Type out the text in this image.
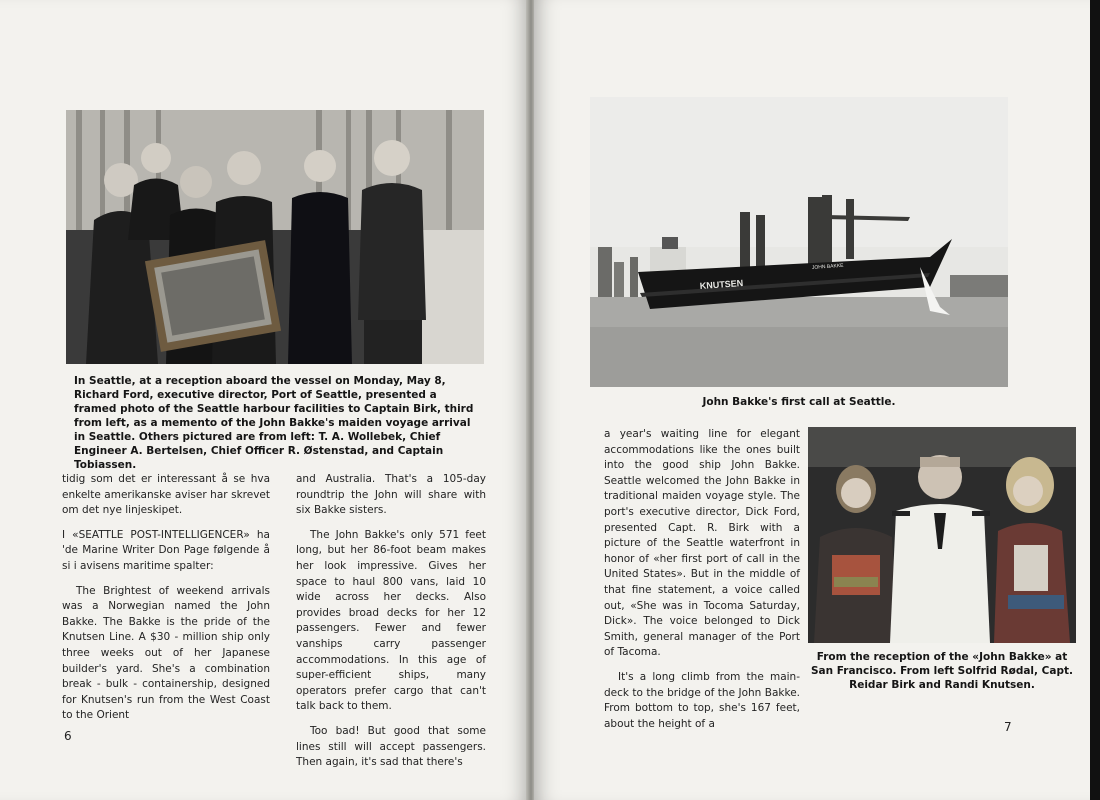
In Seattle, at a reception aboard the vessel on Monday, May 8, Richard Ford, executive director, Port of Seattle, presented a framed photo of the Seattle harbour facilities to Captain Birk, third from left, as a memento of the John Bakke's maiden voyage arrival in Seattle. Others pictured are from left: T. A. Wollebek, Chief Engineer A. Bertelsen, Chief Officer R. Østenstad, and Captain Tobiassen.

tidig som det er interessant å se hva enkelte amerikanske aviser har skrevet om det nye linjeskipet.

I «SEATTLE POST-INTELLIGENCER» ha 'de Marine Writer Don Page følgende å si i avisens maritime spalter:

The Brightest of weekend arrivals was a Norwegian named the John Bakke. The Bakke is the pride of the Knutsen Line. A $30 - million ship only three weeks out of her Japanese builder's yard. She's a combination break - bulk - containership, designed for Knutsen's run from the West Coast to the Orient

and Australia. That's a 105-day roundtrip the John will share with six Bakke sisters.

The John Bakke's only 571 feet long, but her 86-foot beam makes her look impressive. Gives her space to haul 800 vans, laid 10 wide across her decks. Also provides broad decks for her 12 passengers. Fewer and fewer vanships carry passenger accommodations. In this age of super-efficient ships, many operators prefer cargo that can't talk back to them.

Too bad! But good that some lines still will accept passengers. Then again, it's sad that there's

6
KNUTSEN
JOHN BAKKE
John Bakke's first call at Seattle.

a year's waiting line for elegant accommodations like the ones built into the good ship John Bakke. Seattle welcomed the John Bakke in traditional maiden voyage style. The port's executive director, Dick Ford, presented Capt. R. Birk with a picture of the Seattle waterfront in honor of «her first port of call in the United States». But in the middle of that fine statement, a voice called out, «She was in Tocoma Saturday, Dick». The voice belonged to Dick Smith, general manager of the Port of Tacoma.

It's a long climb from the main-deck to the bridge of the John Bakke. From bottom to top, she's 167 feet, about the height of a

From the reception of the «John Bakke» at San Francisco. From left Solfrid Rødal, Capt. Reidar Birk and Randi Knutsen.
7
